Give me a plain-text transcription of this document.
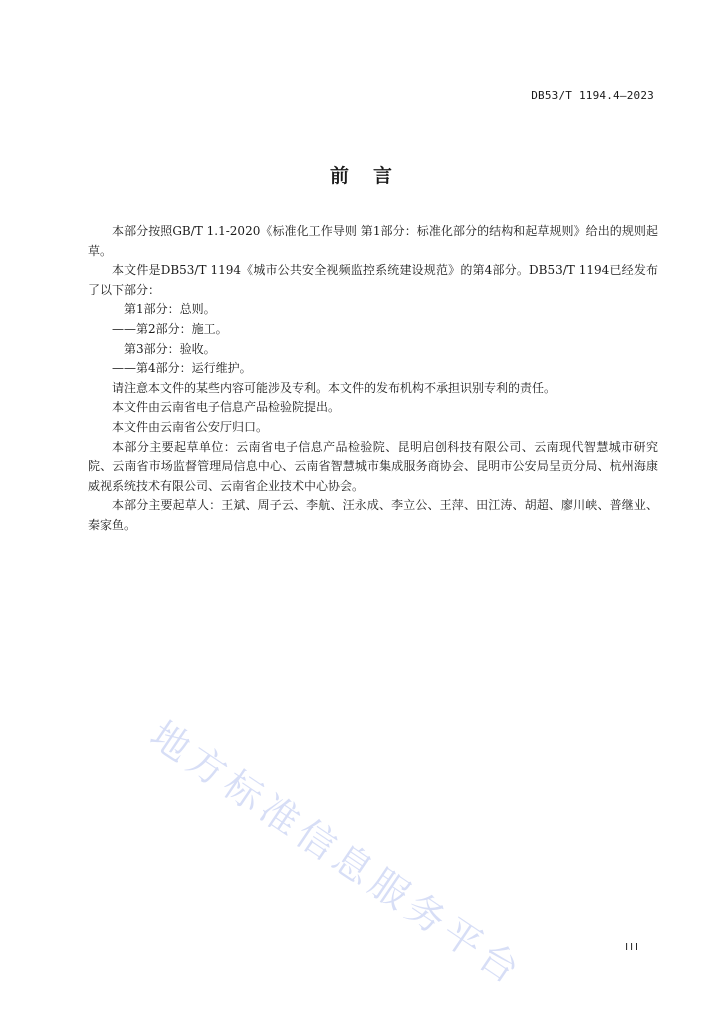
DB53/T 1194.4—2023
前 言

本部分按照GB/T 1.1-2020《标准化工作导则 第1部分：标准化部分的结构和起草规则》给出的规则起草。

本文件是DB53/T 1194《城市公共安全视频监控系统建设规范》的第4部分。DB53/T 1194已经发布了以下部分：

第1部分：总则。

——第2部分：施工。

第3部分：验收。

——第4部分：运行维护。

请注意本文件的某些内容可能涉及专利。本文件的发布机构不承担识别专利的责任。

本文件由云南省电子信息产品检验院提出。

本文件由云南省公安厅归口。

本部分主要起草单位：云南省电子信息产品检验院、昆明启创科技有限公司、云南现代智慧城市研究院、云南省市场监督管理局信息中心、云南省智慧城市集成服务商协会、昆明市公安局呈贡分局、杭州海康威视系统技术有限公司、云南省企业技术中心协会。

本部分主要起草人：王斌、周子云、李航、汪永成、李立公、王萍、田江涛、胡超、廖川峡、普继业、秦家鱼。

地方标准信息服务平台	III
